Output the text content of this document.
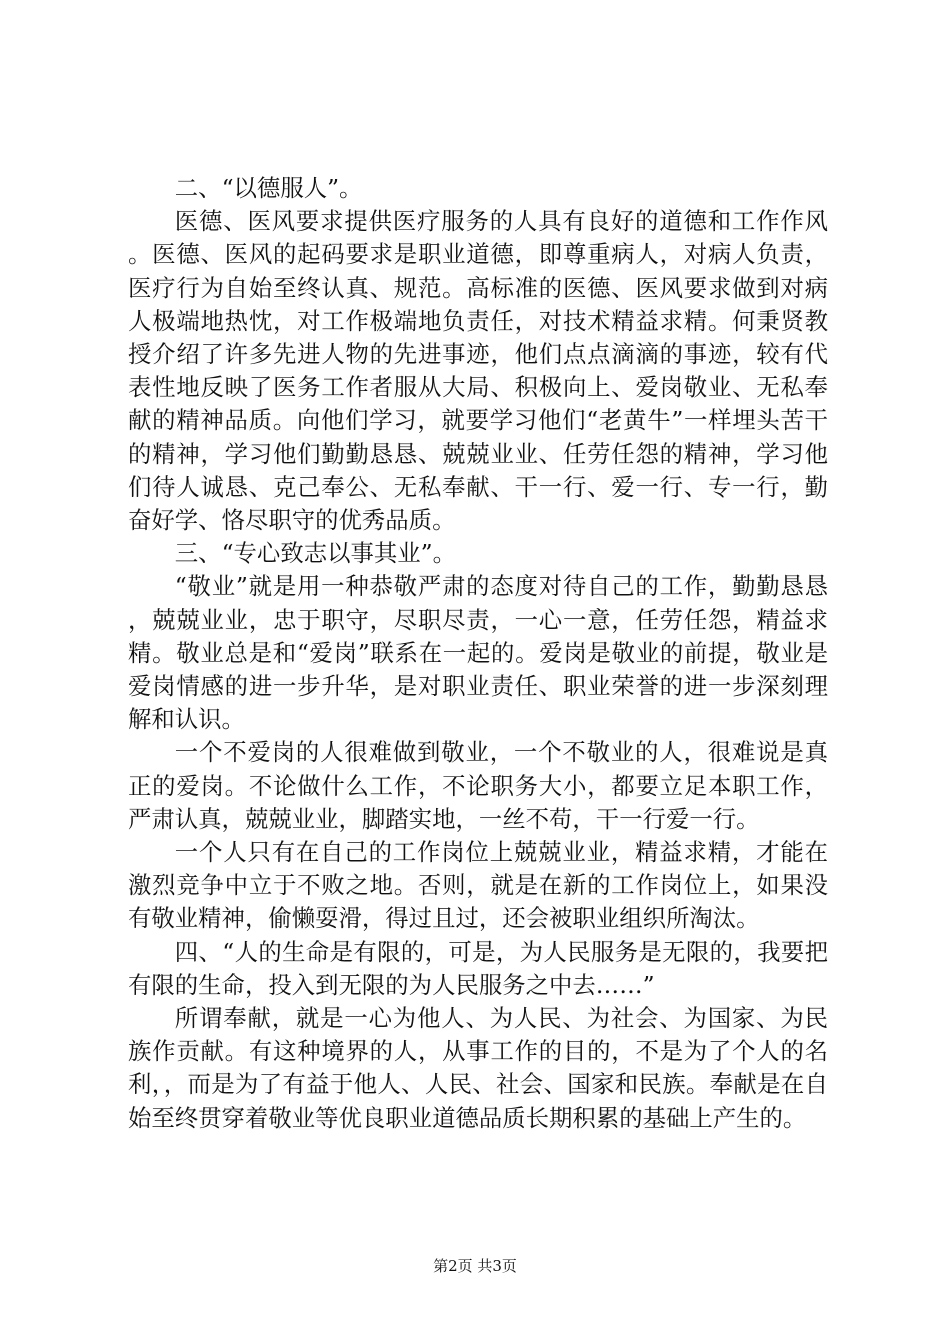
二、“以德服人”。

医德、医风要求提供医疗服务的人具有良好的道德和工作作风。医德、医风的起码要求是职业道德，即尊重病人，对病人负责，医疗行为自始至终认真、规范。高标准的医德、医风要求做到对病人极端地热忱，对工作极端地负责任，对技术精益求精。何秉贤教授介绍了许多先进人物的先进事迹，他们点点滴滴的事迹，较有代表性地反映了医务工作者服从大局、积极向上、爱岗敬业、无私奉献的精神品质。向他们学习，就要学习他们“老黄牛”一样埋头苦干的精神，学习他们勤勤恳恳、兢兢业业、任劳任怨的精神，学习他们待人诚恳、克己奉公、无私奉献、干一行、爱一行、专一行，勤奋好学、恪尽职守的优秀品质。

三、“专心致志以事其业”。

“敬业”就是用一种恭敬严肃的态度对待自己的工作，勤勤恳恳，兢兢业业，忠于职守，尽职尽责，一心一意，任劳任怨，精益求精。敬业总是和“爱岗”联系在一起的。爱岗是敬业的前提，敬业是爱岗情感的进一步升华，是对职业责任、职业荣誉的进一步深刻理解和认识。

一个不爱岗的人很难做到敬业，一个不敬业的人，很难说是真正的爱岗。不论做什么工作，不论职务大小，都要立足本职工作，严肃认真，兢兢业业，脚踏实地，一丝不苟，干一行爱一行。

一个人只有在自己的工作岗位上兢兢业业，精益求精，才能在激烈竞争中立于不败之地。否则，就是在新的工作岗位上，如果没有敬业精神，偷懒耍滑，得过且过，还会被职业组织所淘汰。

四、“人的生命是有限的，可是，为人民服务是无限的，我要把有限的生命，投入到无限的为人民服务之中去……”

所谓奉献，就是一心为他人、为人民、为社会、为国家、为民族作贡献。有这种境界的人，从事工作的目的，不是为了个人的名利，，而是为了有益于他人、人民、社会、国家和民族。奉献是在自始至终贯穿着敬业等优良职业道德品质长期积累的基础上产生的。

第2页 共3页
